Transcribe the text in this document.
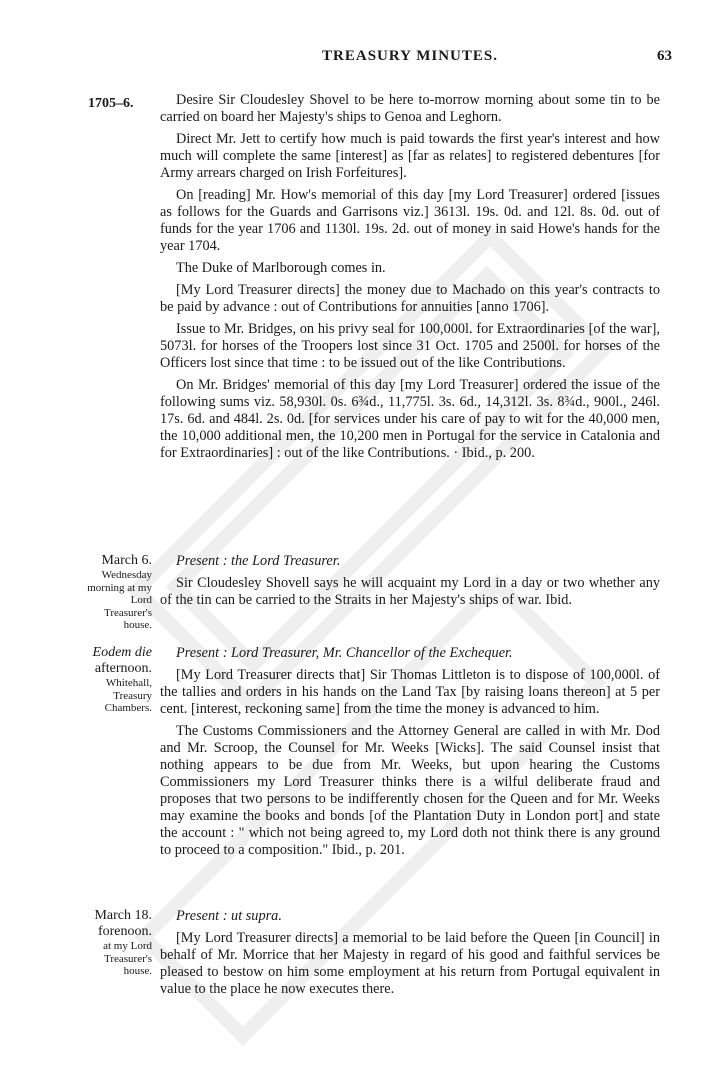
TREASURY MINUTES.	63
1705–6.	Desire Sir Cloudesley Shovel to be here to-morrow morning about some tin to be carried on board her Majesty's ships to Genoa and Leghorn.

Direct Mr. Jett to certify how much is paid towards the first year's interest and how much will complete the same [interest] as [far as relates] to registered debentures [for Army arrears charged on Irish Forfeitures].

On [reading] Mr. How's memorial of this day [my Lord Treasurer] ordered [issues as follows for the Guards and Garrisons viz.] 3613l. 19s. 0d. and 12l. 8s. 0d. out of funds for the year 1706 and 1130l. 19s. 2d. out of money in said Howe's hands for the year 1704.

The Duke of Marlborough comes in.

[My Lord Treasurer directs] the money due to Machado on this year's contracts to be paid by advance : out of Contributions for annuities [anno 1706].

Issue to Mr. Bridges, on his privy seal for 100,000l. for Extraordinaries [of the war], 5073l. for horses of the Troopers lost since 31 Oct. 1705 and 2500l. for horses of the Officers lost since that time : to be issued out of the like Contributions.

On Mr. Bridges' memorial of this day [my Lord Treasurer] ordered the issue of the following sums viz. 58,930l. 0s. 6¾d., 11,775l. 3s. 6d., 14,312l. 3s. 8¾d., 900l., 246l. 17s. 6d. and 484l. 2s. 0d. [for services under his care of pay to wit for the 40,000 men, the 10,000 additional men, the 10,200 men in Portugal for the service in Catalonia and for Extraordinaries] : out of the like Contributions. · Ibid., p. 200.

March 6.
Wednesday morning at my Lord Treasurer's house.

Present : the Lord Treasurer.

Sir Cloudesley Shovell says he will acquaint my Lord in a day or two whether any of the tin can be carried to the Straits in her Majesty's ships of war. Ibid.

Eodem die
afternoon.
Whitehall, Treasury Chambers.

Present : Lord Treasurer, Mr. Chancellor of the Exchequer.

[My Lord Treasurer directs that] Sir Thomas Littleton is to dispose of 100,000l. of the tallies and orders in his hands on the Land Tax [by raising loans thereon] at 5 per cent. [interest, reckoning same] from the time the money is advanced to him.

The Customs Commissioners and the Attorney General are called in with Mr. Dod and Mr. Scroop, the Counsel for Mr. Weeks [Wicks]. The said Counsel insist that nothing appears to be due from Mr. Weeks, but upon hearing the Customs Commissioners my Lord Treasurer thinks there is a wilful deliberate fraud and proposes that two persons to be indifferently chosen for the Queen and for Mr. Weeks may examine the books and bonds [of the Plantation Duty in London port] and state the account : " which not being agreed to, my Lord doth not think there is any ground to proceed to a composition." Ibid., p. 201.

March 18.
forenoon.
at my Lord Treasurer's house.

Present : ut supra.

[My Lord Treasurer directs] a memorial to be laid before the Queen [in Council] in behalf of Mr. Morrice that her Majesty in regard of his good and faithful services be pleased to bestow on him some employment at his return from Portugal equivalent in value to the place he now executes there.
